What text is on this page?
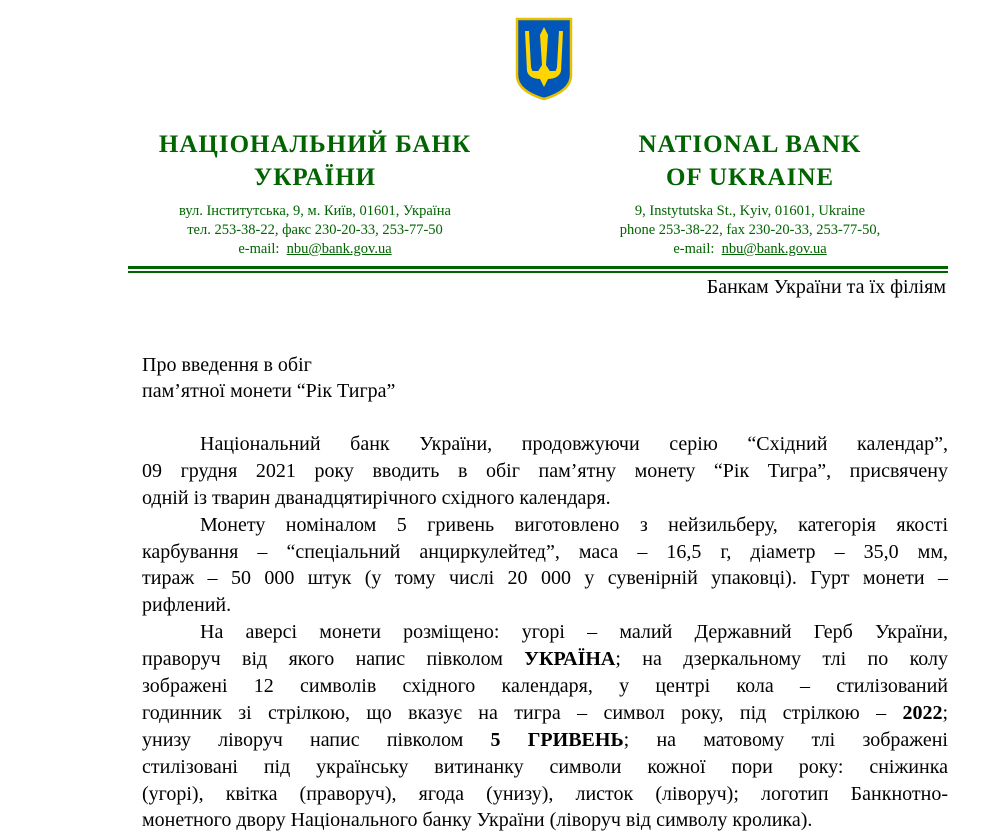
НАЦІОНАЛЬНИЙ БАНК
УКРАЇНИ
NATIONAL BANK
OF UKRAINE
вул. Інститутська, 9, м. Київ, 01601, Україна
тел. 253-38-22, факс 230-20-33, 253-77-50
e-mail: nbu@bank.gov.ua
9, Instytutska St., Kyiv, 01601, Ukraine
phone 253-38-22, fax 230-20-33, 253-77-50,
e-mail: nbu@bank.gov.ua
Банкам України та їх філіям
Про введення в обіг
пам’ятної монети “Рік Тигра”
Національний банк України, продовжуючи серію “Східний календар”,
09 грудня 2021 року вводить в обіг пам’ятну монету “Рік Тигра”, присвячену
одній із тварин дванадцятирічного східного календаря.
Монету номіналом 5 гривень виготовлено з нейзильберу, категорія якості
карбування – “спеціальний анциркулейтед”, маса – 16,5 г, діаметр – 35,0 мм,
тираж – 50 000 штук (у тому числі 20 000 у сувенірній упаковці). Гурт монети –
рифлений.
На аверсі монети розміщено: угорі – малий Державний Герб України,
праворуч від якого напис півколом УКРАЇНА; на дзеркальному тлі по колу
зображені 12 символів східного календаря, у центрі кола – стилізований
годинник зі стрілкою, що вказує на тигра – символ року, під стрілкою – 2022;
унизу ліворуч напис півколом 5 ГРИВЕНЬ; на матовому тлі зображені
стилізовані під українську витинанку символи кожної пори року: сніжинка
(угорі), квітка (праворуч), ягода (унизу), листок (ліворуч); логотип Банкнотно-
монетного двору Національного банку України (ліворуч від символу кролика).
